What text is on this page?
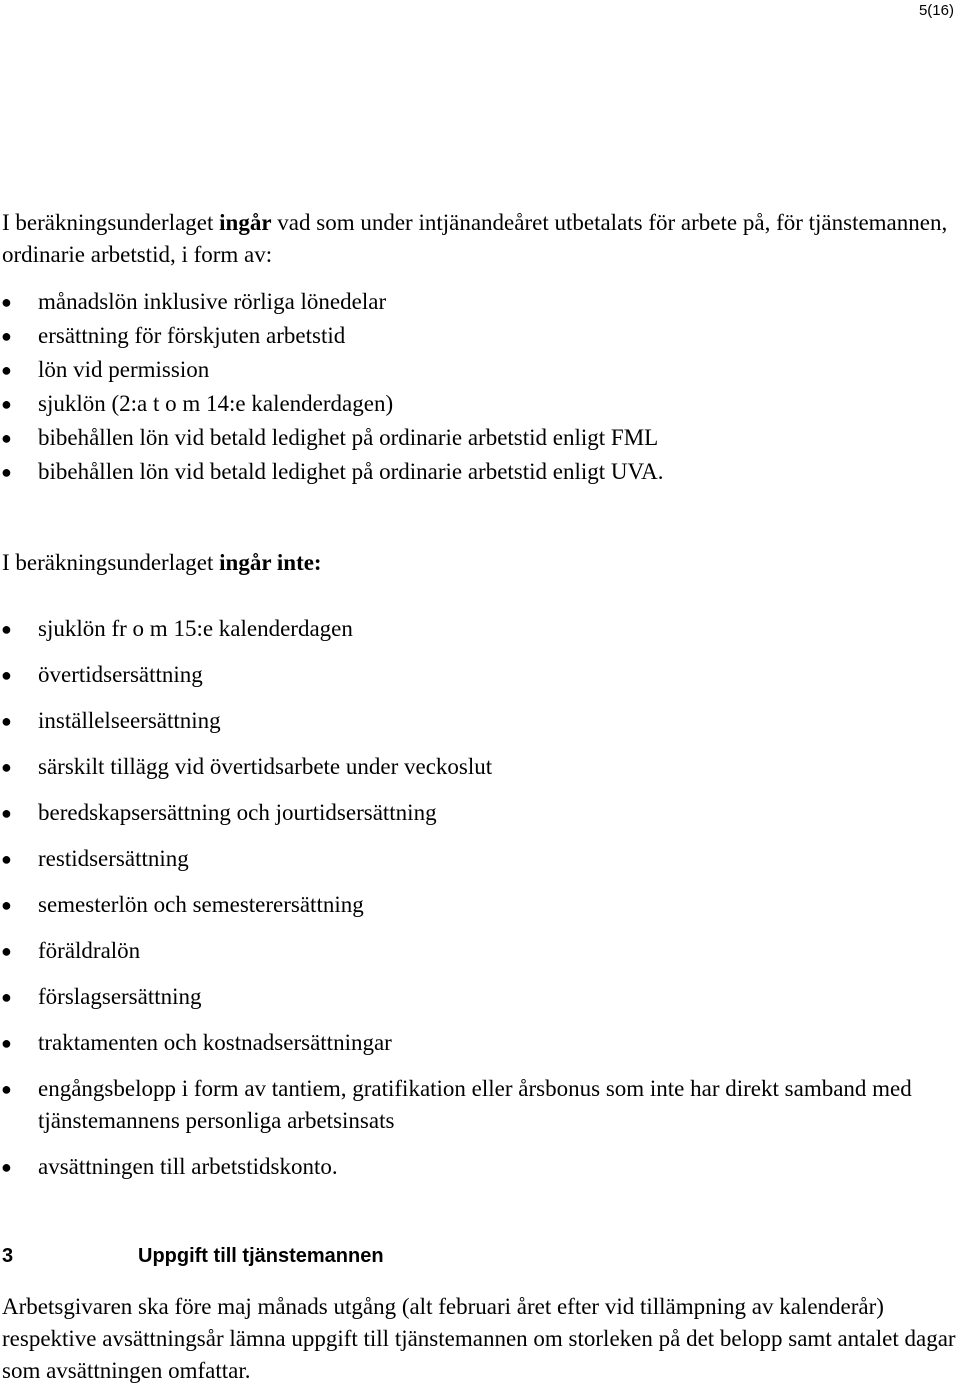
5(16)

I beräkningsunderlaget ingår vad som under intjänandeåret utbetalats för arbete på, för tjänstemannen, ordinarie arbetstid, i form av:

● månadslön inklusive rörliga lönedelar
● ersättning för förskjuten arbetstid
● lön vid permission
● sjuklön (2:a t o m 14:e kalenderdagen)
● bibehållen lön vid betald ledighet på ordinarie arbetstid enligt FML
● bibehållen lön vid betald ledighet på ordinarie arbetstid enligt UVA.

I beräkningsunderlaget ingår inte:

● sjuklön fr o m 15:e kalenderdagen
● övertidsersättning
● inställelseersättning
● särskilt tillägg vid övertidsarbete under veckoslut
● beredskapsersättning och jourtidsersättning
● restidsersättning
● semesterlön och semesterersättning
● föräldralön
● förslagsersättning
● traktamenten och kostnadsersättningar
● engångsbelopp i form av tantiem, gratifikation eller årsbonus som inte har direkt samband med tjänstemannens personliga arbetsinsats
● avsättningen till arbetstidskonto.
3	Uppgift till tjänstemannen

Arbetsgivaren ska före maj månads utgång (alt februari året efter vid tillämpning av kalenderår) respektive avsättningsår lämna uppgift till tjänstemannen om storleken på det belopp samt antalet dagar som avsättningen omfattar.
